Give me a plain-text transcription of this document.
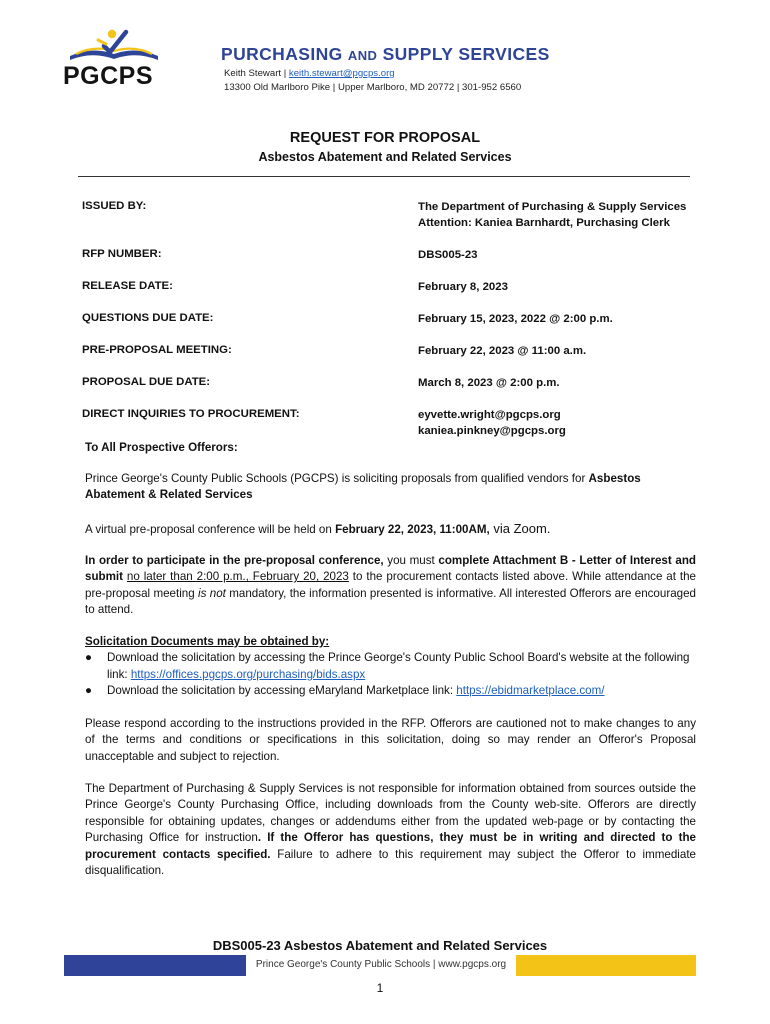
PGCPS
PURCHASING AND SUPPLY SERVICES
Keith Stewart | keith.stewart@pgcps.org
13300 Old Marlboro Pike | Upper Marlboro, MD 20772 | 301-952 6560
REQUEST FOR PROPOSAL
Asbestos Abatement and Related Services
ISSUED BY:	The Department of Purchasing & Supply Services
Attention: Kaniea Barnhardt, Purchasing Clerk
RFP NUMBER:	DBS005-23
RELEASE DATE:	February 8, 2023
QUESTIONS DUE DATE:	February 15, 2023, 2022 @ 2:00 p.m.
PRE-PROPOSAL MEETING:	February 22, 2023 @ 11:00 a.m.
PROPOSAL DUE DATE:	March 8, 2023 @ 2:00 p.m.
DIRECT INQUIRIES TO PROCUREMENT:	eyvette.wright@pgcps.org
kaniea.pinkney@pgcps.org
To All Prospective Offerors:
Prince George's County Public Schools (PGCPS) is soliciting proposals from qualified vendors for Asbestos Abatement & Related Services
A virtual pre-proposal conference will be held on February 22, 2023, 11:00AM, via Zoom.
In order to participate in the pre-proposal conference, you must complete Attachment B - Letter of Interest and submit no later than 2:00 p.m., February 20, 2023 to the procurement contacts listed above. While attendance at the pre-proposal meeting is not mandatory, the information presented is informative. All interested Offerors are encouraged to attend.
Solicitation Documents may be obtained by:
● Download the solicitation by accessing the Prince George's County Public School Board's website at the following link: https://offices.pgcps.org/purchasing/bids.aspx
● Download the solicitation by accessing eMaryland Marketplace link: https://ebidmarketplace.com/
Please respond according to the instructions provided in the RFP. Offerors are cautioned not to make changes to any of the terms and conditions or specifications in this solicitation, doing so may render an Offeror's Proposal unacceptable and subject to rejection.
The Department of Purchasing & Supply Services is not responsible for information obtained from sources outside the Prince George's County Purchasing Office, including downloads from the County web-site. Offerors are directly responsible for obtaining updates, changes or addendums either from the updated web-page or by contacting the Purchasing Office for instruction. If the Offeror has questions, they must be in writing and directed to the procurement contacts specified. Failure to adhere to this requirement may subject the Offeror to immediate disqualification.
DBS005-23 Asbestos Abatement and Related Services
Prince George's County Public Schools | www.pgcps.org
1
